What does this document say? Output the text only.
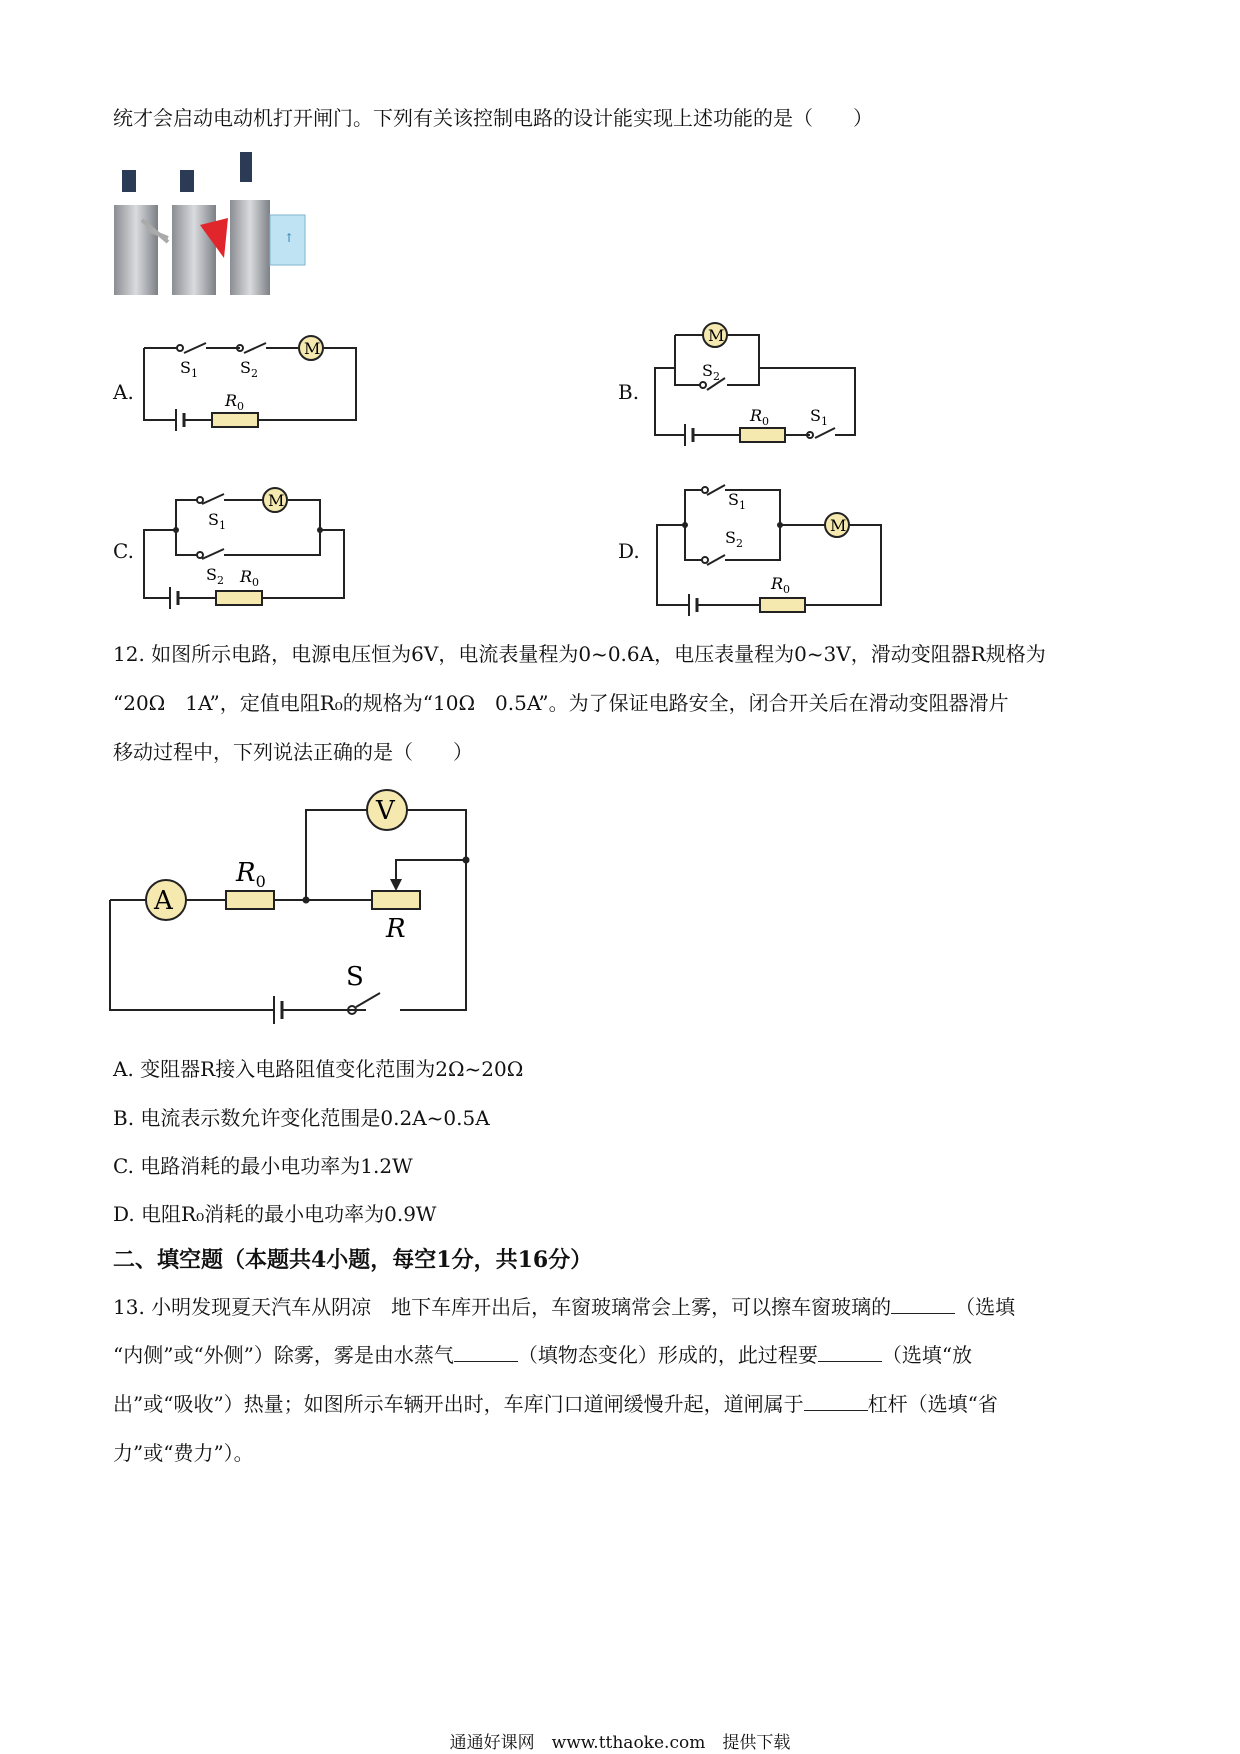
统才会启动电动机打开闸门。下列有关该控制电路的设计能实现上述功能的是（　　）
↑
A.
M
$S_1$	$S_2$
$R_0$
B.
M
$S_2$
$R_0$	$S_1$
C.
M
$S_1$
$S_2$ $R_0$
D.
M
$S_1$
$S_2$
$R_0$
12. 如图所示电路，电源电压恒为6V，电流表量程为0~0.6A，电压表量程为0~3V，滑动变阻器R规格为
“20Ω　1A”，定值电阻R₀的规格为“10Ω　0.5A”。为了保证电路安全，闭合开关后在滑动变阻器滑片
移动过程中，下列说法正确的是（　　）
A
V
$R_0$
R
S
A. 变阻器R接入电路阻值变化范围为2Ω~20Ω
B. 电流表示数允许变化范围是0.2A~0.5A
C. 电路消耗的最小电功率为1.2W
D. 电阻R₀消耗的最小电功率为0.9W
二、填空题（本题共4小题，每空1分，共16分）
13. 小明发现夏天汽车从阴凉　地下车库开出后，车窗玻璃常会上雾，可以擦车窗玻璃的	（选填
“内侧”或“外侧”）除雾，雾是由水蒸气	（填物态变化）形成的，此过程要	（选填“放
出”或“吸收”）热量；如图所示车辆开出时，车库门口道闸缓慢升起，道闸属于	杠杆（选填“省
力”或“费力”）。
通通好课网　www.tthaoke.com　提供下载
